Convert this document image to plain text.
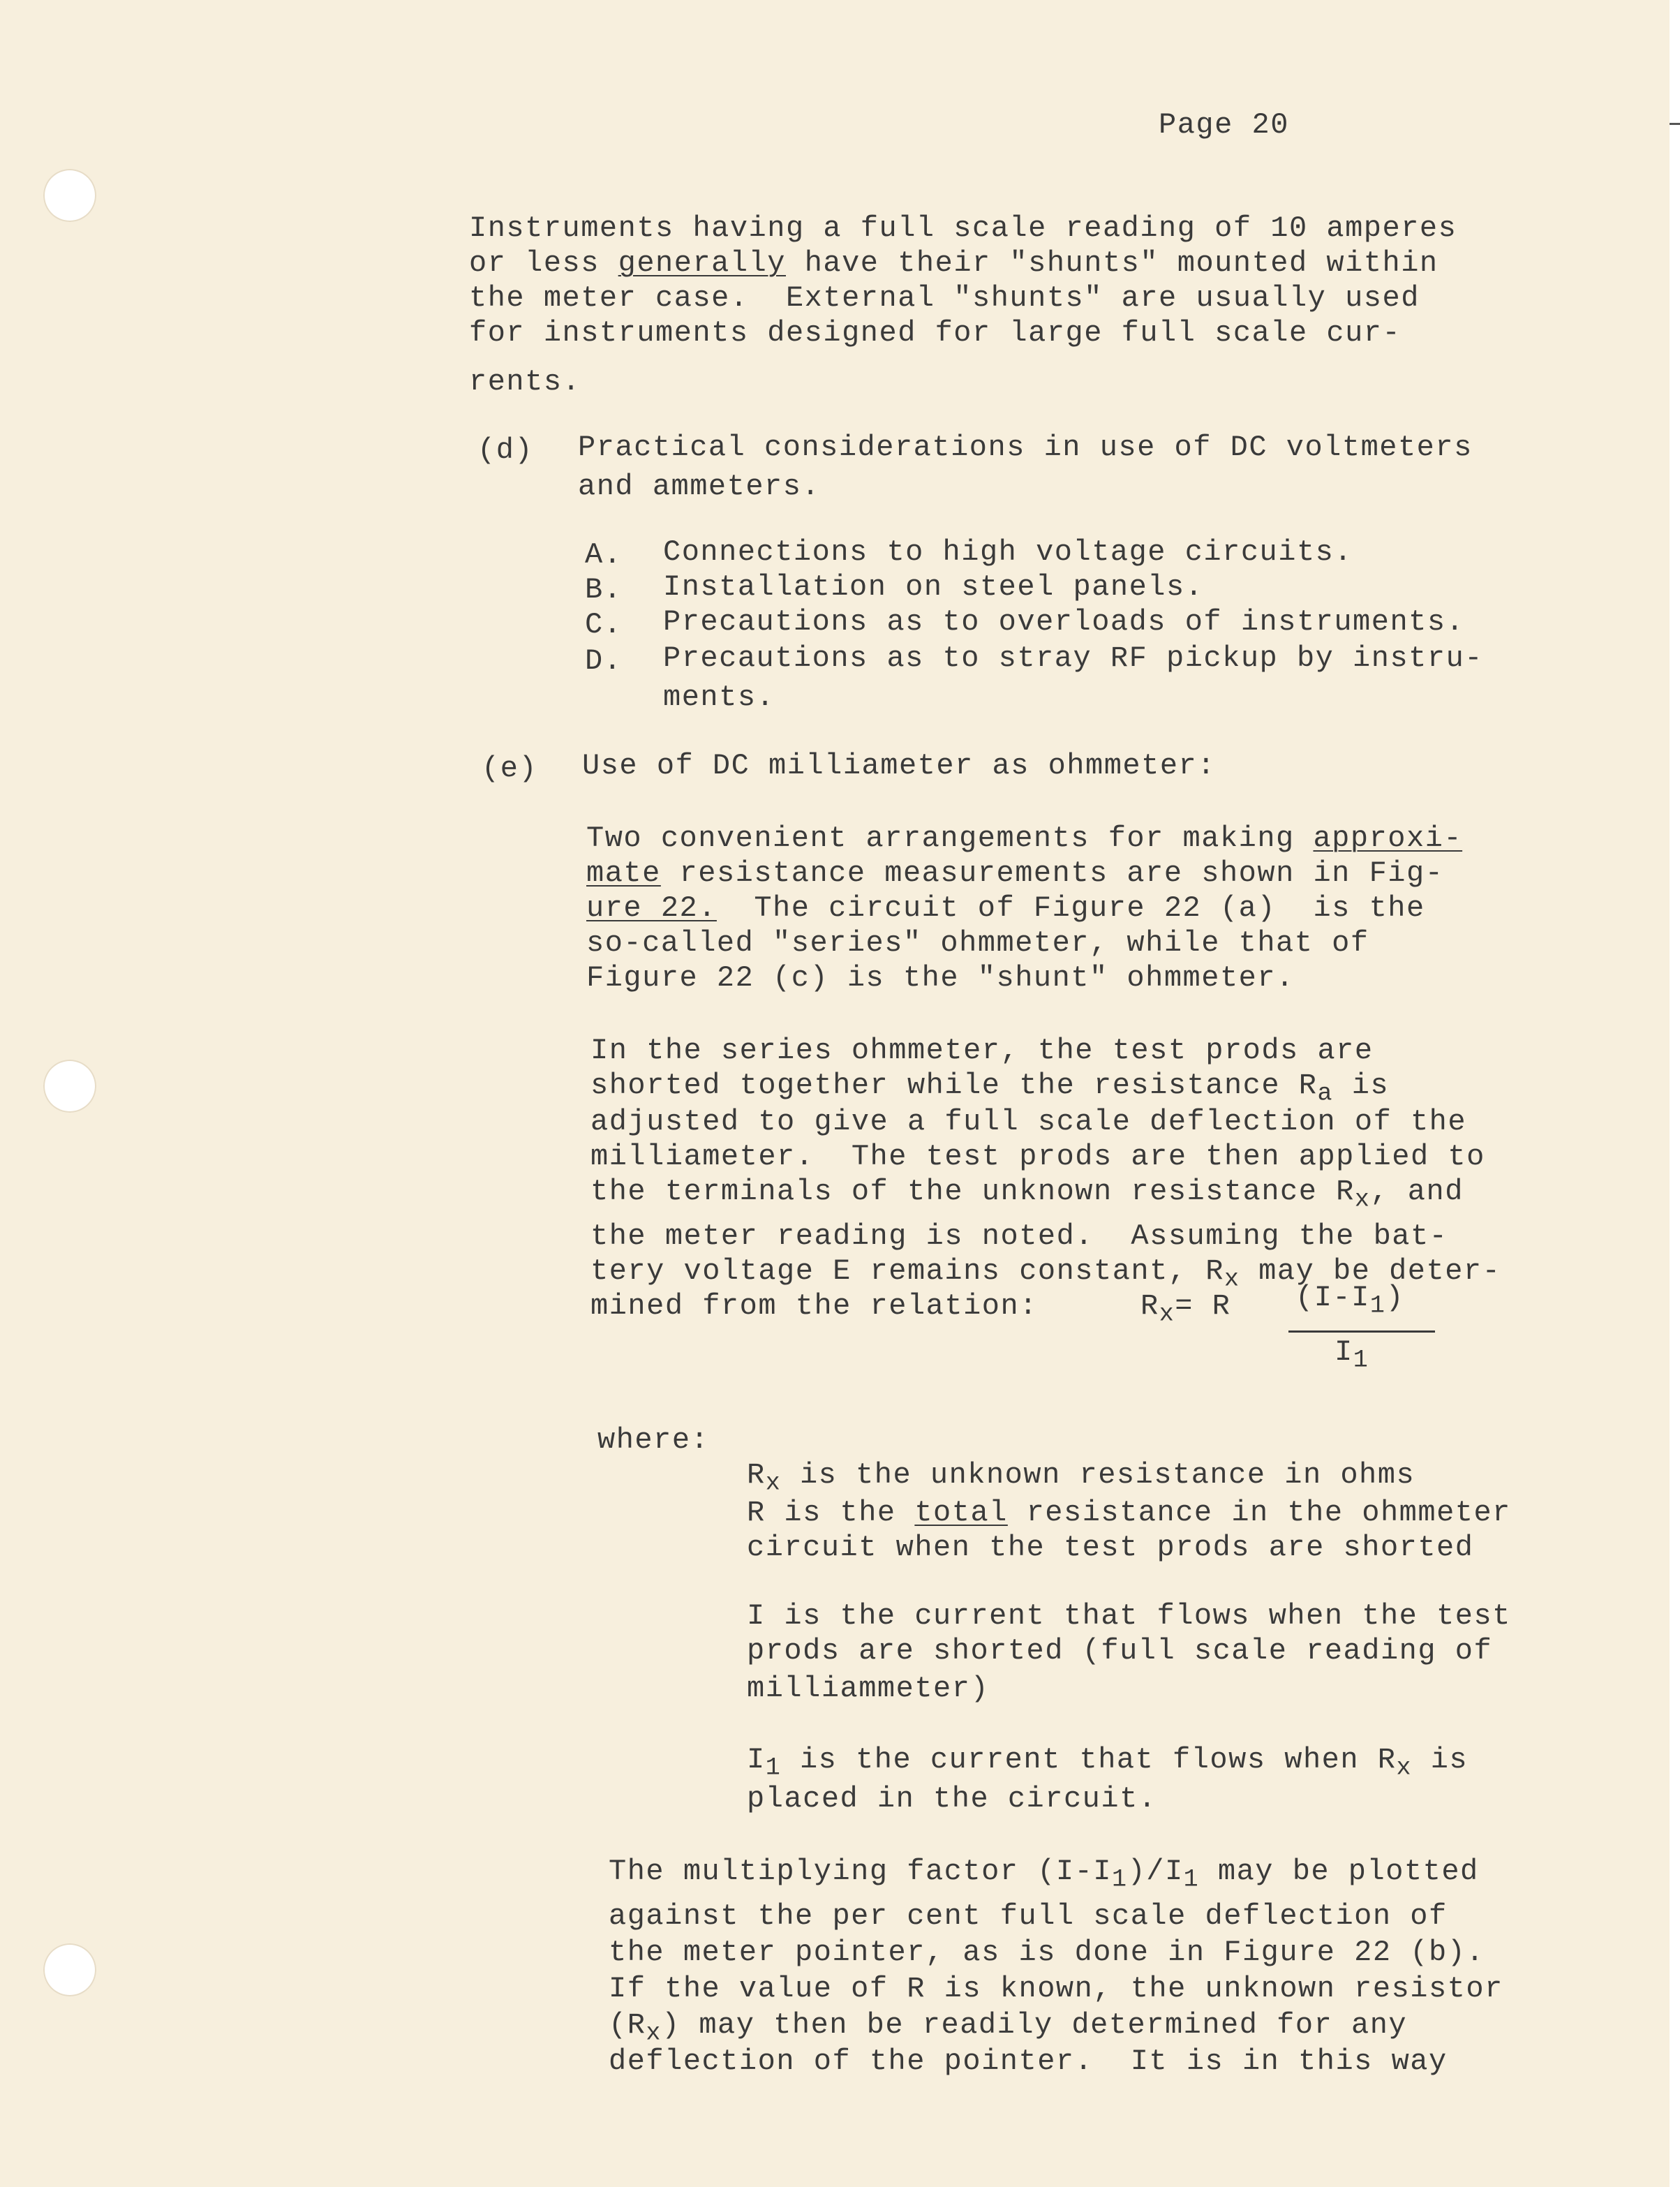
Page 20
Instruments having a full scale reading of 10 amperes
or less generally have their "shunts" mounted within
the meter case.  External "shunts" are usually used
for instruments designed for large full scale cur-
rents.
(d) Practical considerations in use of DC voltmeters
and ammeters.
A. Connections to high voltage circuits.
B. Installation on steel panels.
C. Precautions as to overloads of instruments.
D. Precautions as to stray RF pickup by instru-
ments.
(e) Use of DC milliameter as ohmmeter:
Two convenient arrangements for making approxi-
mate resistance measurements are shown in Fig-
ure 22.  The circuit of Figure 22 (a)  is the
so-called "series" ohmmeter, while that of
Figure 22 (c) is the "shunt" ohmmeter.
In the series ohmmeter, the test prods are
shorted together while the resistance $R_a$ is
adjusted to give a full scale deflection of the
milliameter.  The test prods are then applied to
the terminals of the unknown resistance $R_x$, and
the meter reading is noted.  Assuming the bat-
tery voltage E remains constant, $R_x$ may be deter-
mined from the relation:	$R_x= R$ $(I-I_1)$
$I_1$
where:
$R_x$ is the unknown resistance in ohms
R is the total resistance in the ohmmeter
circuit when the test prods are shorted
I is the current that flows when the test
prods are shorted (full scale reading of
milliammeter)
$I_1$ is the current that flows when $R_x$ is
placed in the circuit.
The multiplying factor $(I-I_1)/I_1$ may be plotted
against the per cent full scale deflection of
the meter pointer, as is done in Figure 22 (b).
If the value of R is known, the unknown resistor
$(R_x)$ may then be readily determined for any
deflection of the pointer.  It is in this way
